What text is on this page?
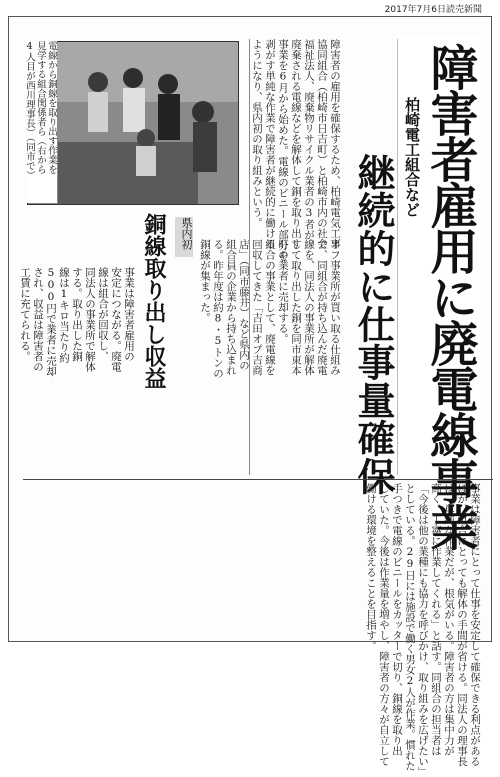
2017年7月6日読売新聞
障害者雇用に廃電線事業
柏崎電工組合など
継続的に仕事量確保
障害者の雇用を確保するため、柏崎電気工事
協同組合（柏崎市日吉町）と柏崎市内の社会
福祉法人、廃棄物リサイクル業者の3者が、
廃棄される電線などを解体して銅を取り出す
事業を6月から始めた。電線のビニール部分を
剥がす単純な作業で障害者が継続的に働ける
ようになり、県内初の取り組みという。
オフ事業所が買い取る仕組み
で、同組合が持ち込んだ廃電
線を、同法人の事業所が解体
して取り出した銅を同市東本
町の業者に売却する。
組合の事業として、廃電線を
回収してきた「吉田オプ吉商
店」（同市藤井）など県内の
組合員の企業から持ち込まれ
る。昨年度は約8・5トンの
銅線が集まった。
事業は障害者にとって仕事を安定して確保できる利点がある
ほか、組合にとっても解体の手間が省ける。同法人の理事長
は「単純な作業だが、根気がいる。障害者の方は集中力が
高く、丁寧に作業してくれる」と話す。同組合の担当者は
「今後は他の業種にも協力を呼びかけ、取り組みを広げたい」
としている。29日には施設で働く男女2人が作業。慣れた
手つきで電線のビニールをカッターで切り、銅線を取り出
していた。今後は作業量を増やし、障害者の方々が自立して
働ける環境を整えることを目指す。
電線から銅線を取り出す作業を
見学する組合関係者ら（右から
4人目が西川理事長）（同市で）
県内初
銅線取り出し収益
事業は障害者雇用の
安定につながる。廃電
線は組合が回収し、
同法人の事業所で解体
する。取り出した銅
線は1キロ当たり約
500円で業者に売却
され、収益は障害者の
工賃に充てられる。
